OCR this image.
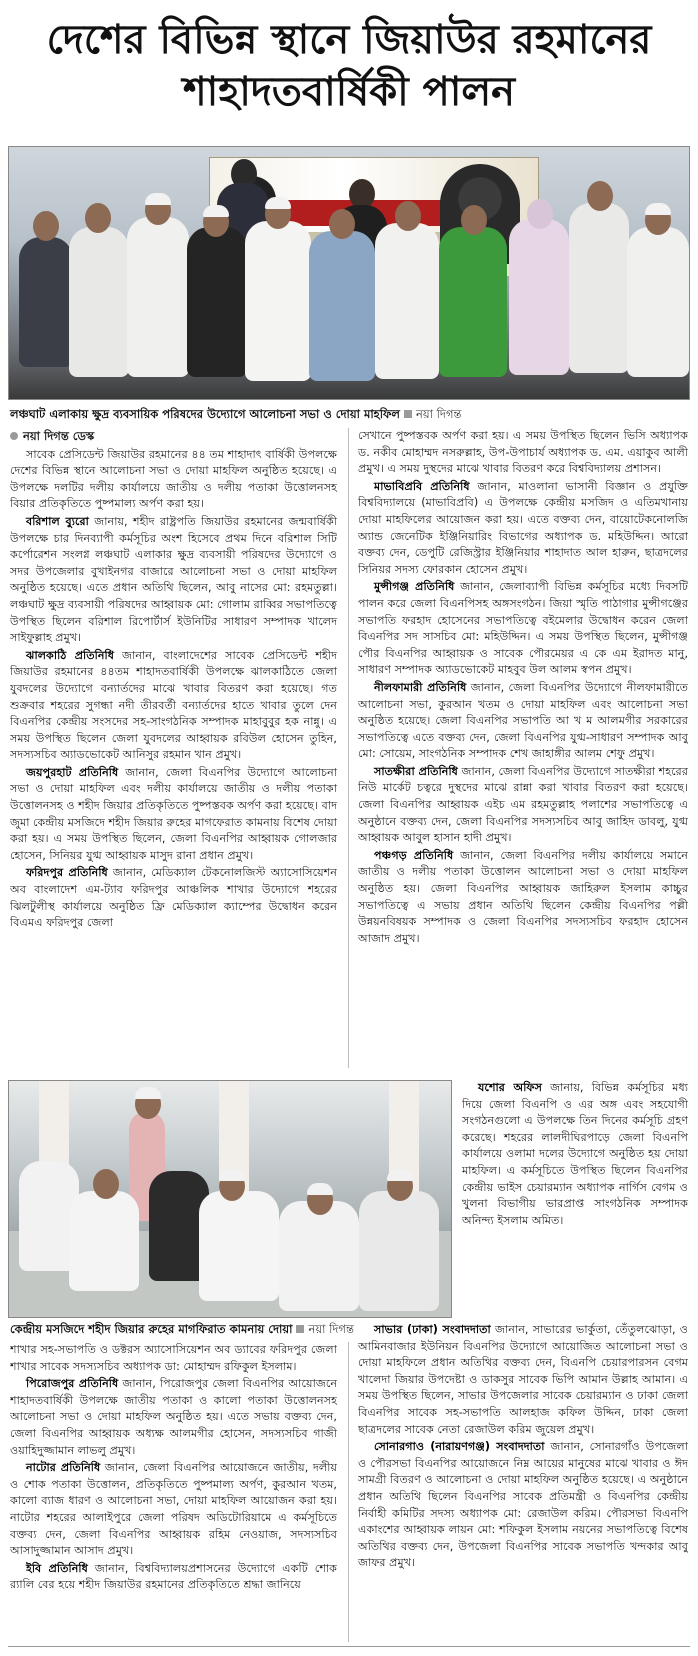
দেশের বিভিন্ন স্থানে জিয়াউর রহমানের
শাহাদতবার্ষিকী পালন
লঞ্চঘাট এলাকায় ক্ষুদ্র ব্যবসায়িক পরিষদের উদ্যোগে আলোচনা সভা ও দোয়া মাহফিল নয়া দিগন্ত
নয়া দিগন্ত ডেস্ক

সাবেক প্রেসিডেন্ট জিয়াউর রহমানের ৪৪ তম শাহাদাৎ বার্ষিকী উপলক্ষে দেশের বিভিন্ন স্থানে আলোচনা সভা ও দোয়া মাহফিল অনুষ্ঠিত হয়েছে। এ উপলক্ষে দলটির দলীয় কার্যালয়ে জাতীয় ও দলীয় পতাকা উত্তোলনসহ বিয়ার প্রতিকৃতিতে পুষ্পমাল্য অর্পণ করা হয়।

বরিশাল ব্যুরো জানায়, শহীদ রাষ্ট্রপতি জিয়াউর রহমানের জন্মবার্ষিকী উপলক্ষে চার দিনব্যাপী কর্মসূচির অংশ হিসেবে প্রথম দিনে বরিশাল সিটি কর্পোরেশন সংলগ্ন লঞ্চঘাট এলাকার ক্ষুদ্র ব্যবসায়ী পরিষদের উদ্যোগে ও সদর উপজেলার বুখাইনগর বাজারে আলোচনা সভা ও দোয়া মাহফিল অনুষ্ঠিত হয়েছে। এতে প্রধান অতিথি ছিলেন, আবু নাসের মো: রহমতুল্লা। লঞ্চঘাট ক্ষুদ্র ব্যবসায়ী পরিষদের আহ্বায়ক মো: গোলাম রাব্বির সভাপতিত্বে উপস্থিত ছিলেন বরিশাল রিপোর্টার্স ইউনিটির সাধারণ সম্পাদক খালেদ সাইফুল্লাহ প্রমুখ।

ঝালকাঠি প্রতিনিধি জানান, বাংলাদেশের সাবেক প্রেসিডেন্ট শহীদ জিয়াউর রহমানের ৪৪তম শাহাদতবার্ষিকী উপলক্ষে ঝালকাঠিতে জেলা যুবদলের উদ্যোগে বন্যার্তদের মাঝে খাবার বিতরণ করা হয়েছে। গত শুক্রবার শহরের সুগন্ধা নদী তীরবর্তী বন্যার্তদের হাতে খাবার তুলে দেন বিএনপির কেন্দ্রীয় সংসদের সহ-সাংগঠনিক সম্পাদক মাহাবুবুর হক নান্নু। এ সময় উপস্থিত ছিলেন জেলা যুবদলের আহ্বায়ক রবিউল হোসেন তুহিন, সদস্যসচিব অ্যাডভোকেট আনিসুর রহমান খান প্রমুখ।

জয়পুরহাট প্রতিনিধি জানান, জেলা বিএনপির উদ্যোগে আলোচনা সভা ও দোয়া মাহফিল এবং দলীয় কার্যালয়ে জাতীয় ও দলীয় পতাকা উত্তোলনসহ ও শহীদ জিয়ার প্রতিকৃতিতে পুষ্পস্তবক অর্পণ করা হয়েছে। বাদ জুমা কেন্দ্রীয় মসজিদে শহীদ জিয়ার রুহের মাগফেরাত কামনায় বিশেষ দোয়া করা হয়। এ সময় উপস্থিত ছিলেন, জেলা বিএনপির আহ্বায়ক গোলজার হোসেন, সিনিয়র যুগ্ম আহ্বায়ক মাসুদ রানা প্রধান প্রমুখ।

ফরিদপুর প্রতিনিধি জানান, মেডিক্যাল টেকনোলজিস্ট অ্যাসোসিয়েশন অব বাংলাদেশ এম-ট্যাব ফরিদপুর আঞ্চলিক শাখার উদ্যোগে শহরের ঝিলটুলীস্থ কার্যালয়ে অনুষ্ঠিত ফ্রি মেডিক্যাল ক্যাম্পের উদ্বোধন করেন বিএমএ ফরিদপুর জেলা

সেখানে পুষ্পস্তবক অর্পণ করা হয়। এ সময় উপস্থিত ছিলেন ভিসি অধ্যাপক ড. নকীব মোহাম্মদ নসরুল্লাহ, উপ-উপাচার্য অধ্যাপক ড. এম. এয়াকুব আলী প্রমুখ। এ সময় দুস্থদের মাঝে খাবার বিতরণ করে বিশ্ববিদ্যালয় প্রশাসন।

মাভাবিপ্রবি প্রতিনিধি জানান, মাওলানা ভাসানী বিজ্ঞান ও প্রযুক্তি বিশ্ববিদ্যালয়ে (মাভাবিপ্রবি) এ উপলক্ষে কেন্দ্রীয় মসজিদ ও এতিমখানায় দোয়া মাহফিলের আয়োজন করা হয়। এতে বক্তব্য দেন, বায়োটেকনোলজি অ্যান্ড জেনেটিক ইঞ্জিনিয়ারিং বিভাগের অধ্যাপক ড. মহিউদ্দিন। আরো বক্তব্য দেন, ডেপুটি রেজিস্ট্রার ইঞ্জিনিয়ার শাহাদাত আল হারুন, ছাত্রদলের সিনিয়র সদস্য ফোরকান হোসেন প্রমুখ।

মুন্সীগঞ্জ প্রতিনিধি জানান, জেলাব্যাপী বিভিন্ন কর্মসূচির মধ্যে দিবসটি পালন করে জেলা বিএনপিসহ অঙ্গসংগঠন। জিয়া স্মৃতি পাঠাগার মুন্সীগঞ্জের সভাপতি ফরহাদ হোসেনের সভাপতিত্বে বইমেলার উদ্বোধন করেন জেলা বিএনপির সদ সাসচিব মো: মহিউদ্দিন। এ সময় উপস্থিত ছিলেন, মুন্সীগঞ্জ পৌর বিএনপির আহ্বায়ক ও সাবেক পৌরমেয়র এ কে এম ইরাদত মানু, সাধারণ সম্পাদক অ্যাডভোকেট মাহবুব উল আলম স্বপন প্রমুখ।

নীলফামারী প্রতিনিধি জানান, জেলা বিএনপির উদ্যোগে নীলফামারীতে আলোচনা সভা, কুরআন খতম ও দোয়া মাহফিল এবং আলোচনা সভা অনুষ্ঠিত হয়েছে। জেলা বিএনপির সভাপতি আ খ ম আলমগীর সরকারের সভাপতিত্বে এতে বক্তব্য দেন, জেলা বিএনপির যুগ্ম-সাধারণ সম্পাদক আবু মো: সোয়েম, সাংগঠনিক সম্পাদক শেখ জাহাঙ্গীর আলম শেফু প্রমুখ।

সাতক্ষীরা প্রতিনিধি জানান, জেলা বিএনপির উদ্যোগে সাতক্ষীরা শহরের নিউ মার্কেট চত্বরে দুস্থদের মাঝে রান্না করা খাবার বিতরণ করা হয়েছে। জেলা বিএনপির আহ্বায়ক এইচ এম রহমতুল্লাহ পলাশের সভাপতিত্বে এ অনুষ্ঠানে বক্তব্য দেন, জেলা বিএনপির সদস্যসচিব আবু জাহিদ ডাবলু, যুগ্ম আহ্বায়ক আবুল হাসান হাদী প্রমুখ।

পঞ্চগড় প্রতিনিধি জানান, জেলা বিএনপির দলীয় কার্যালয়ে সমানে জাতীয় ও দলীয় পতাকা উত্তোলন আলোচনা সভা ও দোয়া মাহফিল অনুষ্ঠিত হয়। জেলা বিএনপির আহ্বায়ক জাহিরুল ইসলাম কাচ্চুর সভাপতিত্বে এ সভায় প্রধান অতিথি ছিলেন কেন্দ্রীয় বিএনপির পল্লী উন্নয়নবিষয়ক সম্পাদক ও জেলা বিএনপির সদস্যসচিব ফরহাদ হোসেন আজাদ প্রমুখ।

কেন্দ্রীয় মসজিদে শহীদ জিয়ার রুহের মাগফিরাত কামনায় দোয়া নয়া দিগন্ত

যশোর অফিস জানায়, বিভিন্ন কর্মসূচির মধ্য দিয়ে জেলা বিএনপি ও এর অঙ্গ এবং সহযোগী সংগঠনগুলো এ উপলক্ষে তিন দিনের কর্মসূচি গ্রহণ করেছে। শহরের লালদীঘিরপাড়ে জেলা বিএনপি কার্যালয়ে ওলামা দলের উদ্যোগে অনুষ্ঠিত হয় দোয়া মাহফিল। এ কর্মসূচিতে উপস্থিত ছিলেন বিএনপির কেন্দ্রীয় ভাইস চেয়ারম্যান অধ্যাপক নার্গিস বেগম ও খুলনা বিভাগীয় ভারপ্রাপ্ত সাংগঠনিক সম্পাদক অনিন্দ্য ইসলাম অমিত।

শাখার সহ-সভাপতি ও ডক্টরস অ্যাসোসিয়েশন অব ড্যাবের ফরিদপুর জেলা শাখার সাবেক সদস্যসচিব অধ্যাপক ডা: মোহাম্মদ রফিকুল ইসলাম।

পিরোজপুর প্রতিনিধি জানান, পিরোজপুর জেলা বিএনপির আয়োজনে শাহাদতবার্ষিকী উপলক্ষে জাতীয় পতাকা ও কালো পতাকা উত্তোলনসহ আলোচনা সভা ও দোয়া মাহফিল অনুষ্ঠিত হয়। এতে সভায় বক্তব্য দেন, জেলা বিএনপির আহ্বায়ক অধ্যক্ষ আলমগীর হোসেন, সদস্যসচিব গাজী ওয়াহিদুজ্জামান লাভলু প্রমুখ।

নাটোর প্রতিনিধি জানান, জেলা বিএনপির আয়োজনে জাতীয়, দলীয় ও শোক পতাকা উত্তোলন, প্রতিকৃতিতে পুষ্পমাল্য অর্পণ, কুরআন খতম, কালো ব্যাজ ধারণ ও আলোচনা সভা, দোয়া মাহফিল আয়োজন করা হয়। নাটোর শহরের আলাইপুরে জেলা পরিষদ অডিটোরিয়ামে এ কর্মসূচিতে বক্তব্য দেন, জেলা বিএনপির আহ্বায়ক রহিম নেওয়াজ, সদস্যসচিব আসাদুজ্জামান আসাদ প্রমুখ।

ইবি প্রতিনিধি জানান, বিশ্ববিদ্যালয়প্রশাসনের উদ্যোগে একটি শোক র‍্যালি বের হয়ে শহীদ জিয়াউর রহমানের প্রতিকৃতিতে শ্রদ্ধা জানিয়ে

সাভার (ঢাকা) সংবাদদাতা জানান, সাভারের ভার্কুতা, তেঁতুলঝোড়া, ও আমিনবাজার ইউনিয়ন বিএনপির উদ্যোগে আয়োজিত আলোচনা সভা ও দোয়া মাহফিলে প্রধান অতিথির বক্তব্য দেন, বিএনপি চেয়ারপারসন বেগম খালেদা জিয়ার উপদেষ্টা ও ডাকসুর সাবেক ভিপি আমান উল্লাহ আমান। এ সময় উপস্থিত ছিলেন, সাভার উপজেলার সাবেক চেয়ারম্যান ও ঢাকা জেলা বিএনপির সাবেক সহ-সভাপতি আলহাজ কফিল উদ্দিন, ঢাকা জেলা ছাত্রদলের সাবেক নেতা রেজাউল করিম জুয়েল প্রমুখ।

সোনারগাও (নারায়ণগঞ্জ) সংবাদদাতা জানান, সোনারগাঁও উপজেলা ও পৌরসভা বিএনপির আয়োজনে নিম্ন আয়ের মানুষের মাঝে খাবার ও ঈদ সামগ্রী বিতরণ ও আলোচনা ও দোয়া মাহফিল অনুষ্ঠিত হয়েছে। এ অনুষ্ঠানে প্রধান অতিথি ছিলেন বিএনপির সাবেক প্রতিমন্ত্রী ও বিএনপির কেন্দ্রীয় নির্বাহী কমিটির সদস্য অধ্যাপক মো: রেজাউল করিম। পৌরসভা বিএনপি একাংশের আহ্বায়ক লায়ন মো: শফিকুল ইসলাম নয়নের সভাপতিত্বে বিশেষ অতিথির বক্তব্য দেন, উপজেলা বিএনপির সাবেক সভাপতি খন্দকার আবু জাফর প্রমুখ।
